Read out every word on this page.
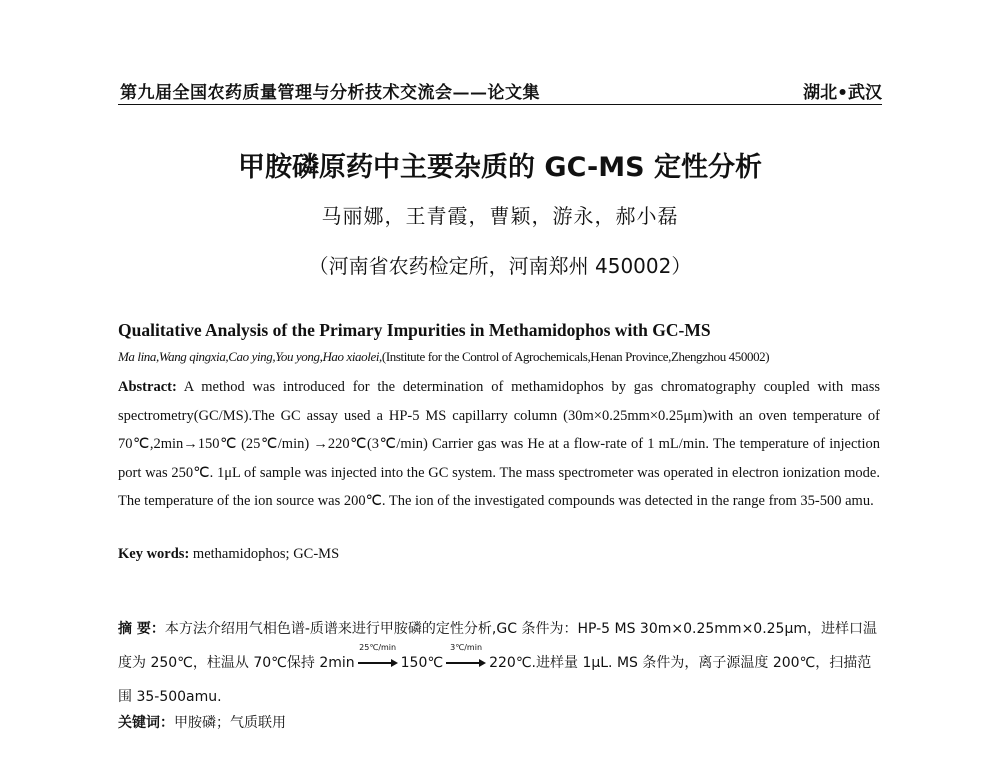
第九届全国农药质量管理与分析技术交流会——论文集	湖北•武汉
甲胺磷原药中主要杂质的 GC-MS 定性分析
马丽娜，王青霞，曹颖，游永，郝小磊
（河南省农药检定所，河南郑州 450002）
Qualitative Analysis of the Primary Impurities in Methamidophos with GC-MS
Ma lina,Wang qingxia,Cao ying,You yong,Hao xiaolei,(Institute for the Control of Agrochemicals,Henan Province,Zhengzhou 450002)
Abstract: A method was introduced for the determination of methamidophos by gas chromatography coupled with mass spectrometry(GC/MS).The GC assay used a HP-5 MS capillarry column (30m×0.25mm×0.25μm)with an oven temperature of 70℃,2min→150℃ (25℃/min) →220℃(3℃/min) Carrier gas was He at a flow-rate of 1 mL/min. The temperature of injection port was 250℃. 1μL of sample was injected into the GC system. The mass spectrometer was operated in electron ionization mode. The temperature of the ion source was 200℃. The ion of the investigated compounds was detected in the range from 35-500 amu.
Key words: methamidophos; GC-MS
摘 要：本方法介绍用气相色谱-质谱来进行甲胺磷的定性分析,GC 条件为：HP-5 MS 30m×0.25mm×0.25μm，进样口温度为 250℃，柱温从 70℃保持 2min
25℃/min
150℃
3℃/min
220℃.进样量 1μL. MS 条件为，离子源温度 200℃，扫描范围 35-500amu.
关键词：甲胺磷；气质联用
